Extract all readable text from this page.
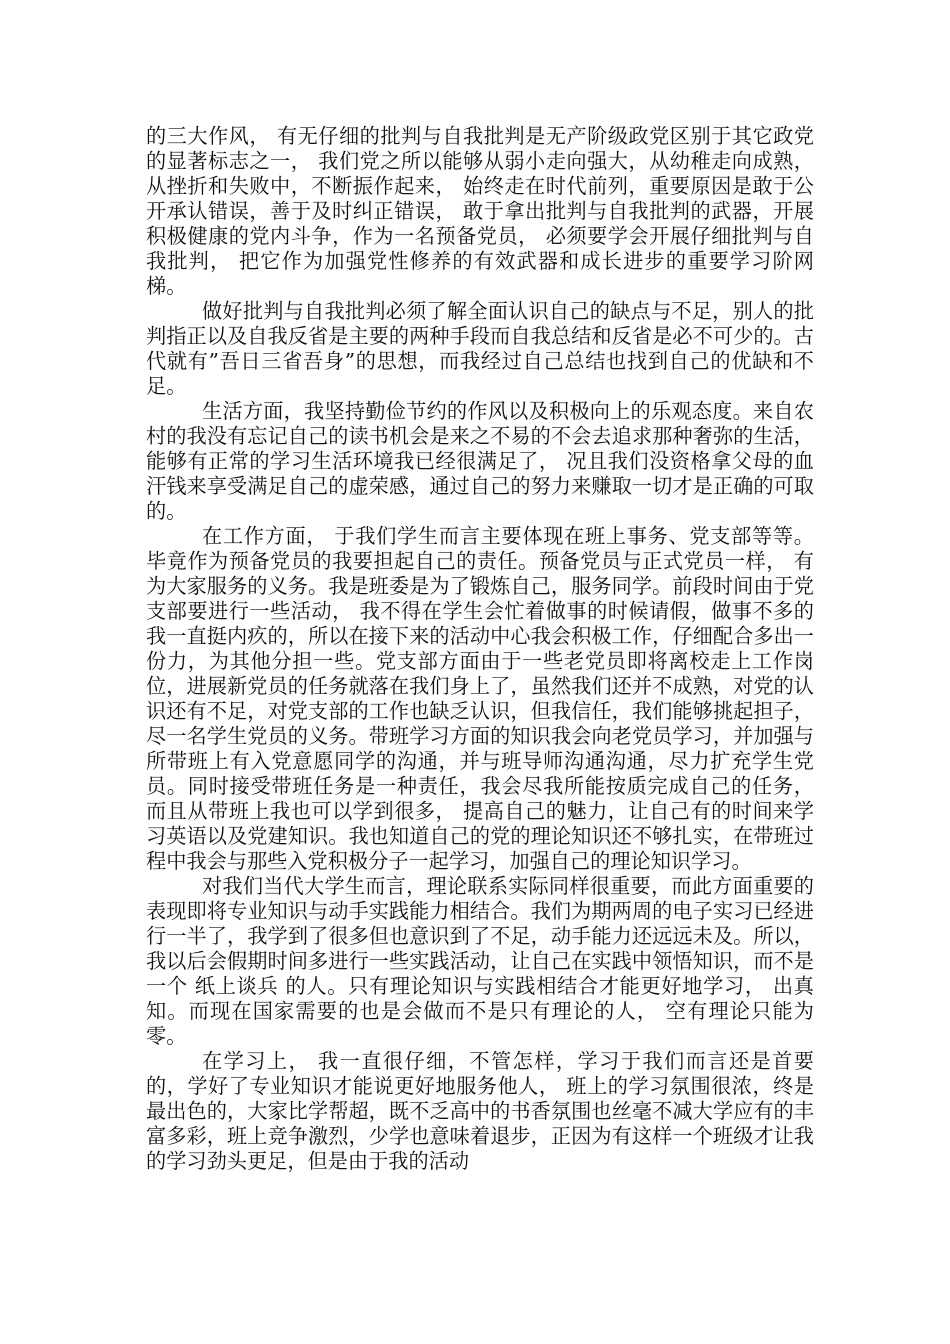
的三大作风， 有无仔细的批判与自我批判是无产阶级政党区别于其它政党的显著标志之一， 我们党之所以能够从弱小走向强大，从幼稚走向成熟，从挫折和失败中，不断振作起来， 始终走在时代前列，重要原因是敢于公开承认错误，善于及时纠正错误， 敢于拿出批判与自我批判的武器，开展积极健康的党内斗争，作为一名预备党员， 必须要学会开展仔细批判与自我批判， 把它作为加强党性修养的有效武器和成长进步的重要学习阶网梯。

做好批判与自我批判必须了解全面认识自己的缺点与不足，别人的批判指正以及自我反省是主要的两种手段而自我总结和反省是必不可少的。古代就有”吾日三省吾身”的思想，而我经过自己总结也找到自己的优缺和不足。

生活方面，我坚持勤俭节约的作风以及积极向上的乐观态度。来自农村的我没有忘记自己的读书机会是来之不易的不会去追求那种奢弥的生活， 能够有正常的学习生活环境我已经很满足了， 况且我们没资格拿父母的血汗钱来享受满足自己的虚荣感，通过自己的努力来赚取一切才是正确的可取的。

在工作方面， 于我们学生而言主要体现在班上事务、党支部等等。毕竟作为预备党员的我要担起自己的责任。预备党员与正式党员一样， 有为大家服务的义务。我是班委是为了锻炼自己，服务同学。前段时间由于党支部要进行一些活动， 我不得在学生会忙着做事的时候请假，做事不多的我一直挺内疚的，所以在接下来的活动中心我会积极工作，仔细配合多出一份力，为其他分担一些。党支部方面由于一些老党员即将离校走上工作岗位，进展新党员的任务就落在我们身上了，虽然我们还并不成熟，对党的认识还有不足，对党支部的工作也缺乏认识，但我信任，我们能够挑起担子，尽一名学生党员的义务。带班学习方面的知识我会向老党员学习，并加强与所带班上有入党意愿同学的沟通，并与班导师沟通沟通，尽力扩充学生党员。同时接受带班任务是一种责任，我会尽我所能按质完成自己的任务， 而且从带班上我也可以学到很多， 提高自己的魅力，让自己有的时间来学习英语以及党建知识。我也知道自己的党的理论知识还不够扎实，在带班过程中我会与那些入党积极分子一起学习，加强自己的理论知识学习。

对我们当代大学生而言，理论联系实际同样很重要，而此方面重要的表现即将专业知识与动手实践能力相结合。我们为期两周的电子实习已经进行一半了，我学到了很多但也意识到了不足，动手能力还远远未及。所以， 我以后会假期时间多进行一些实践活动，让自己在实践中领悟知识，而不是一个 纸上谈兵 的人。只有理论知识与实践相结合才能更好地学习， 出真知。而现在国家需要的也是会做而不是只有理论的人， 空有理论只能为零。

在学习上， 我一直很仔细，不管怎样，学习于我们而言还是首要的，学好了专业知识才能说更好地服务他人， 班上的学习氛围很浓，终是最出色的，大家比学帮超，既不乏高中的书香氛围也丝毫不减大学应有的丰富多彩，班上竞争激烈，少学也意味着退步，正因为有这样一个班级才让我的学习劲头更足，但是由于我的活动
